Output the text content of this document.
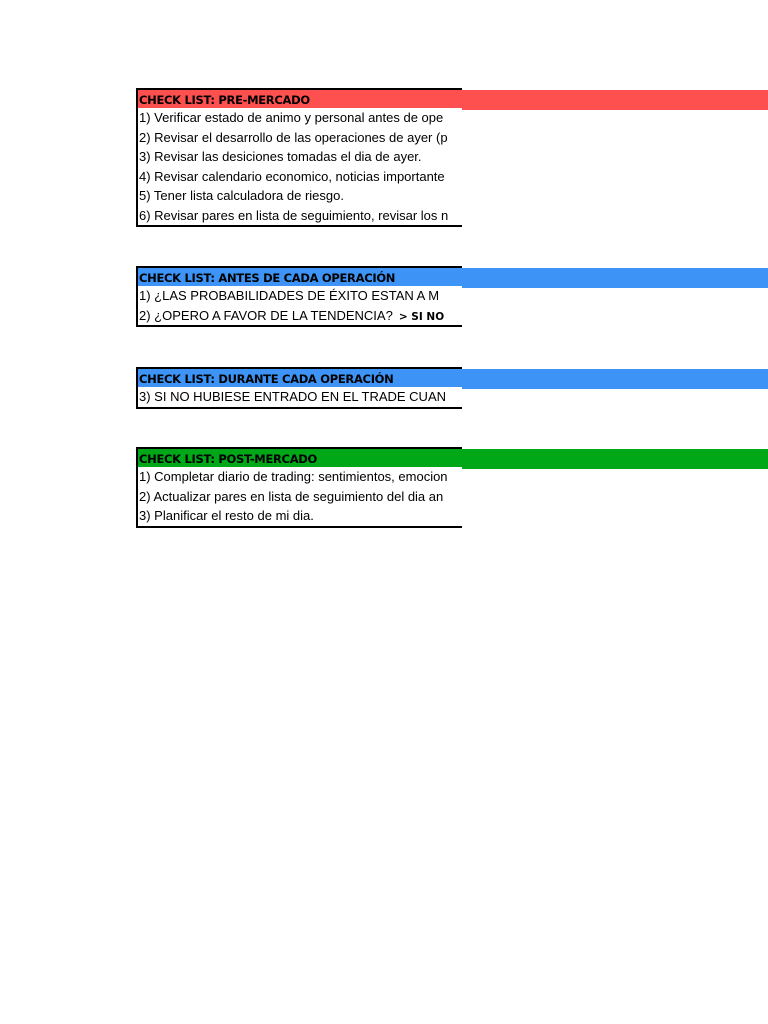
CHECK LIST: PRE-MERCADO
1) Verificar estado de animo y personal antes de ope
2) Revisar el desarrollo de las operaciones de ayer (p
3) Revisar las desiciones tomadas el dia de ayer.
4) Revisar calendario economico, noticias importante
5) Tener lista calculadora de riesgo.
6) Revisar pares en lista de seguimiento, revisar los n
CHECK LIST: ANTES DE CADA OPERACIÓN
1) ¿LAS PROBABILIDADES DE ÉXITO ESTAN A M
2) ¿OPERO A FAVOR DE LA TENDENCIA? > SI NO
CHECK LIST: DURANTE CADA OPERACIÓN
3) SI NO HUBIESE ENTRADO EN EL TRADE CUAN
CHECK LIST: POST-MERCADO
1) Completar diario de trading: sentimientos, emocion
2) Actualizar pares en lista de seguimiento del dia an
3) Planificar el resto de mi dia.
